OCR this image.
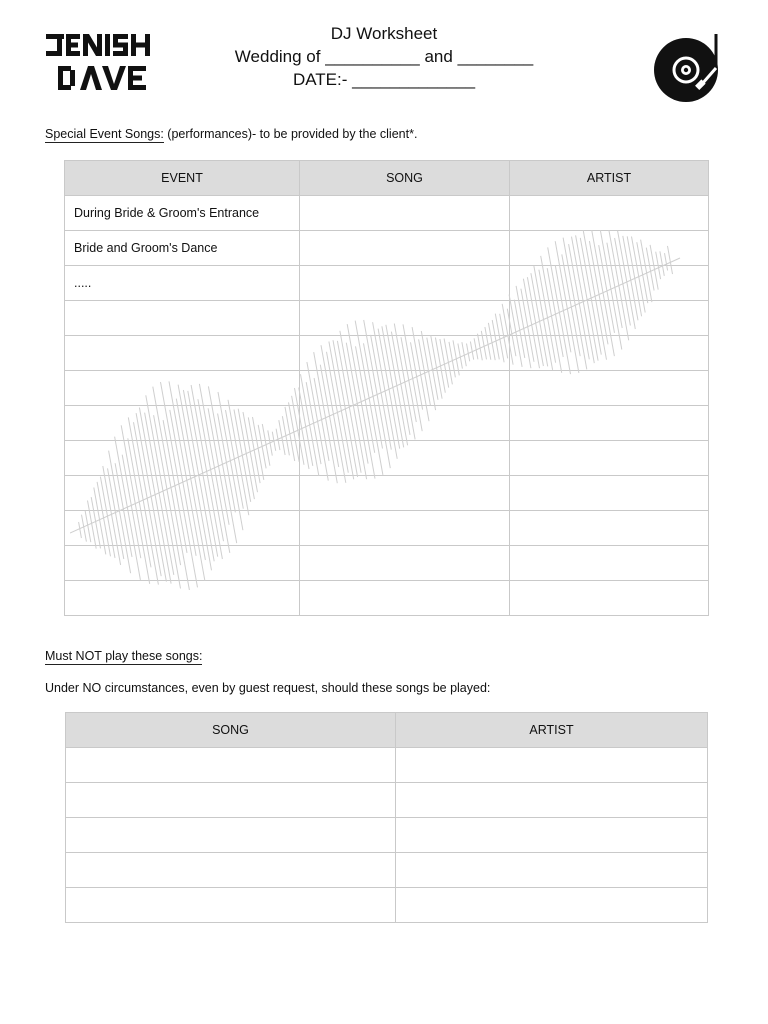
DJ Worksheet
Wedding of __________ and ________
DATE:- _____________
Special Event Songs: (performances)- to be provided by the client*.
EVENT	SONG	ARTIST
During Bride & Groom's Entrance		
Bride and Groom's Dance		
.....		

Must NOT play these songs:
Under NO circumstances, even by guest request, should these songs be played:
SONG	ARTIST
